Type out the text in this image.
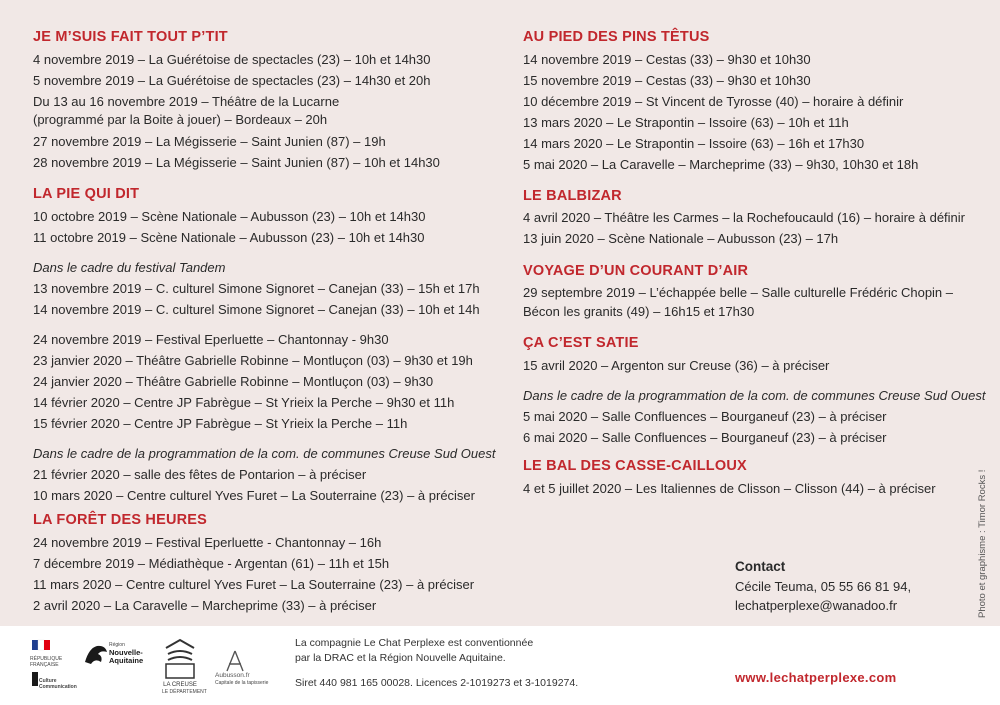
JE M’SUIS FAIT TOUT P’TIT
4 novembre 2019 – La Guérétoise de spectacles (23) – 10h et 14h30
5 novembre 2019 – La Guérétoise de spectacles (23) – 14h30 et 20h
Du 13 au 16 novembre 2019 – Théâtre de la Lucarne
(programmé par la Boite à jouer) – Bordeaux – 20h
27 novembre 2019 – La Mégisserie – Saint Junien (87) – 19h
28 novembre 2019 – La Mégisserie – Saint Junien (87) – 10h et 14h30
LA PIE QUI DIT
10 octobre 2019 – Scène Nationale – Aubusson (23) – 10h et 14h30
11 octobre 2019 – Scène Nationale – Aubusson (23) – 10h et 14h30
Dans le cadre du festival Tandem
13 novembre 2019 – C. culturel Simone Signoret – Canejan (33) – 15h et 17h
14 novembre 2019 – C. culturel Simone Signoret – Canejan (33) – 10h et 14h
24 novembre 2019 – Festival Eperluette – Chantonnay - 9h30
23 janvier 2020 – Théâtre Gabrielle Robinne – Montluçon (03) – 9h30 et 19h
24 janvier 2020 – Théâtre Gabrielle Robinne – Montluçon (03) – 9h30
14 février 2020 – Centre JP Fabrègue – St Yrieix la Perche – 9h30 et 11h
15 février 2020 – Centre JP Fabrègue – St Yrieix la Perche – 11h
Dans le cadre de la programmation de la com. de communes Creuse Sud Ouest
21 février 2020 – salle des fêtes de Pontarion – à préciser
10 mars 2020 – Centre culturel Yves Furet – La Souterraine (23) – à préciser
LA FORÊT DES HEURES
24 novembre 2019 – Festival Eperluette - Chantonnay – 16h
7 décembre 2019 – Médiathèque - Argentan (61) – 11h et 15h
11 mars 2020 – Centre culturel Yves Furet – La Souterraine (23) – à préciser
2 avril 2020 – La Caravelle – Marcheprime (33) – à préciser
AU PIED DES PINS TÊTUS
14 novembre 2019 – Cestas (33) – 9h30 et 10h30
15 novembre 2019 – Cestas (33) – 9h30 et 10h30
10 décembre 2019 – St Vincent de Tyrosse (40) – horaire à définir
13 mars 2020 – Le Strapontin – Issoire (63) – 10h et 11h
14 mars 2020 – Le Strapontin – Issoire (63) – 16h et 17h30
5 mai 2020 – La Caravelle – Marcheprime (33) – 9h30, 10h30 et 18h
LE BALBIZAR
4 avril 2020 – Théâtre les Carmes – la Rochefoucauld (16) – horaire à définir
13 juin 2020 – Scène Nationale – Aubusson (23) – 17h
VOYAGE D’UN COURANT D’AIR
29 septembre 2019 – L’échappée belle – Salle culturelle Frédéric Chopin –
Bécon les granits (49) – 16h15 et 17h30
ÇA C’EST SATIE
15 avril 2020 – Argenton sur Creuse (36) – à préciser
Dans le cadre de la programmation de la com. de communes Creuse Sud Ouest
5 mai 2020 – Salle Confluences – Bourganeuf (23) – à préciser
6 mai 2020 – Salle Confluences – Bourganeuf (23) – à préciser
LE BAL DES CASSE-CAILLOUX
4 et 5 juillet 2020 – Les Italiennes de Clisson – Clisson (44) – à préciser
Contact
Cécile Teuma, 05 55 66 81 94,
lechatperplexe@wanadoo.fr	Photo et graphisme : Timor Rocks !
RÉPUBLIQUE FRANÇAISE
Culture Communication
Région
Nouvelle-Aquitaine
LA CREUSE
LE DÉPARTEMENT
Aubusson.fr
Capitale de la tapisserie
La compagnie Le Chat Perplexe est conventionnée
par la DRAC et la Région Nouvelle Aquitaine.
Siret 440 981 165 00028. Licences 2-1019273 et 3-1019274.	www.lechatperplexe.com
